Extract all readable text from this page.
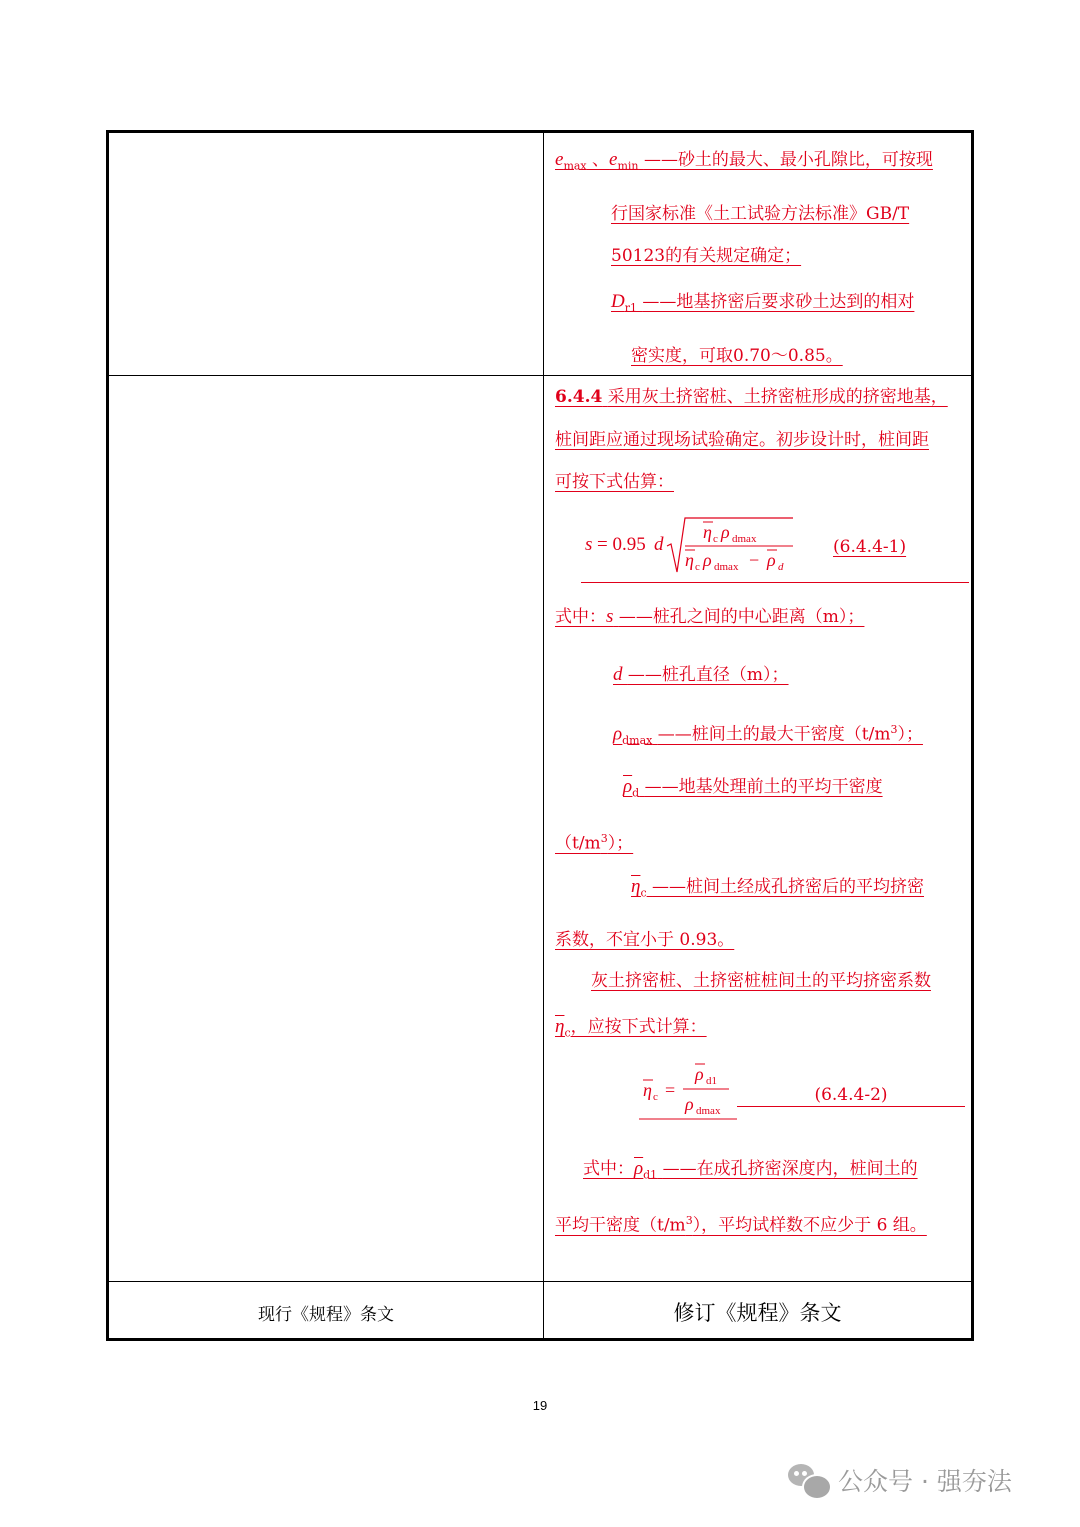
$e_{max}$ 、$e_{min}$ ——砂土的最大、最小孔隙比，可按现
行国家标准《土工试验方法标准》GB/T
50123的有关规定确定；
$D_{r1}$ ——地基挤密后要求砂土达到的相对
密实度，可取0.70～0.85。
6.4.4 采用灰土挤密桩、土挤密桩形成的挤密地基，
桩间距应通过现场试验确定。初步设计时，桩间距
可按下式估算：
s = 0.95 d
η c ρ dmax
η c ρ dmax − ρ d
(6.4.4-1)
式中：s ——桩孔之间的中心距离（m）；
d ——桩孔直径（m）；
$\rho_{dmax}$ ——桩间土的最大干密度$(t/m^3)$；
$\rho_d$ ——地基处理前土的平均干密度
$(t/m^3)$；
$\eta_c$ ——桩间土经成孔挤密后的平均挤密
系数，不宜小于 0.93。
灰土挤密桩、土挤密桩桩间土的平均挤密系数
$\eta_c$，应按下式计算：
η c =
ρ d1
ρ dmax
(6.4.4-2)
式中：$\rho_{d1}$ ——在成孔挤密深度内，桩间土的
平均干密度$(t/m^3)$，平均试样数不应少于 6 组。
现行《规程》条文	修订《规程》条文
19
公众号 · 强夯法
